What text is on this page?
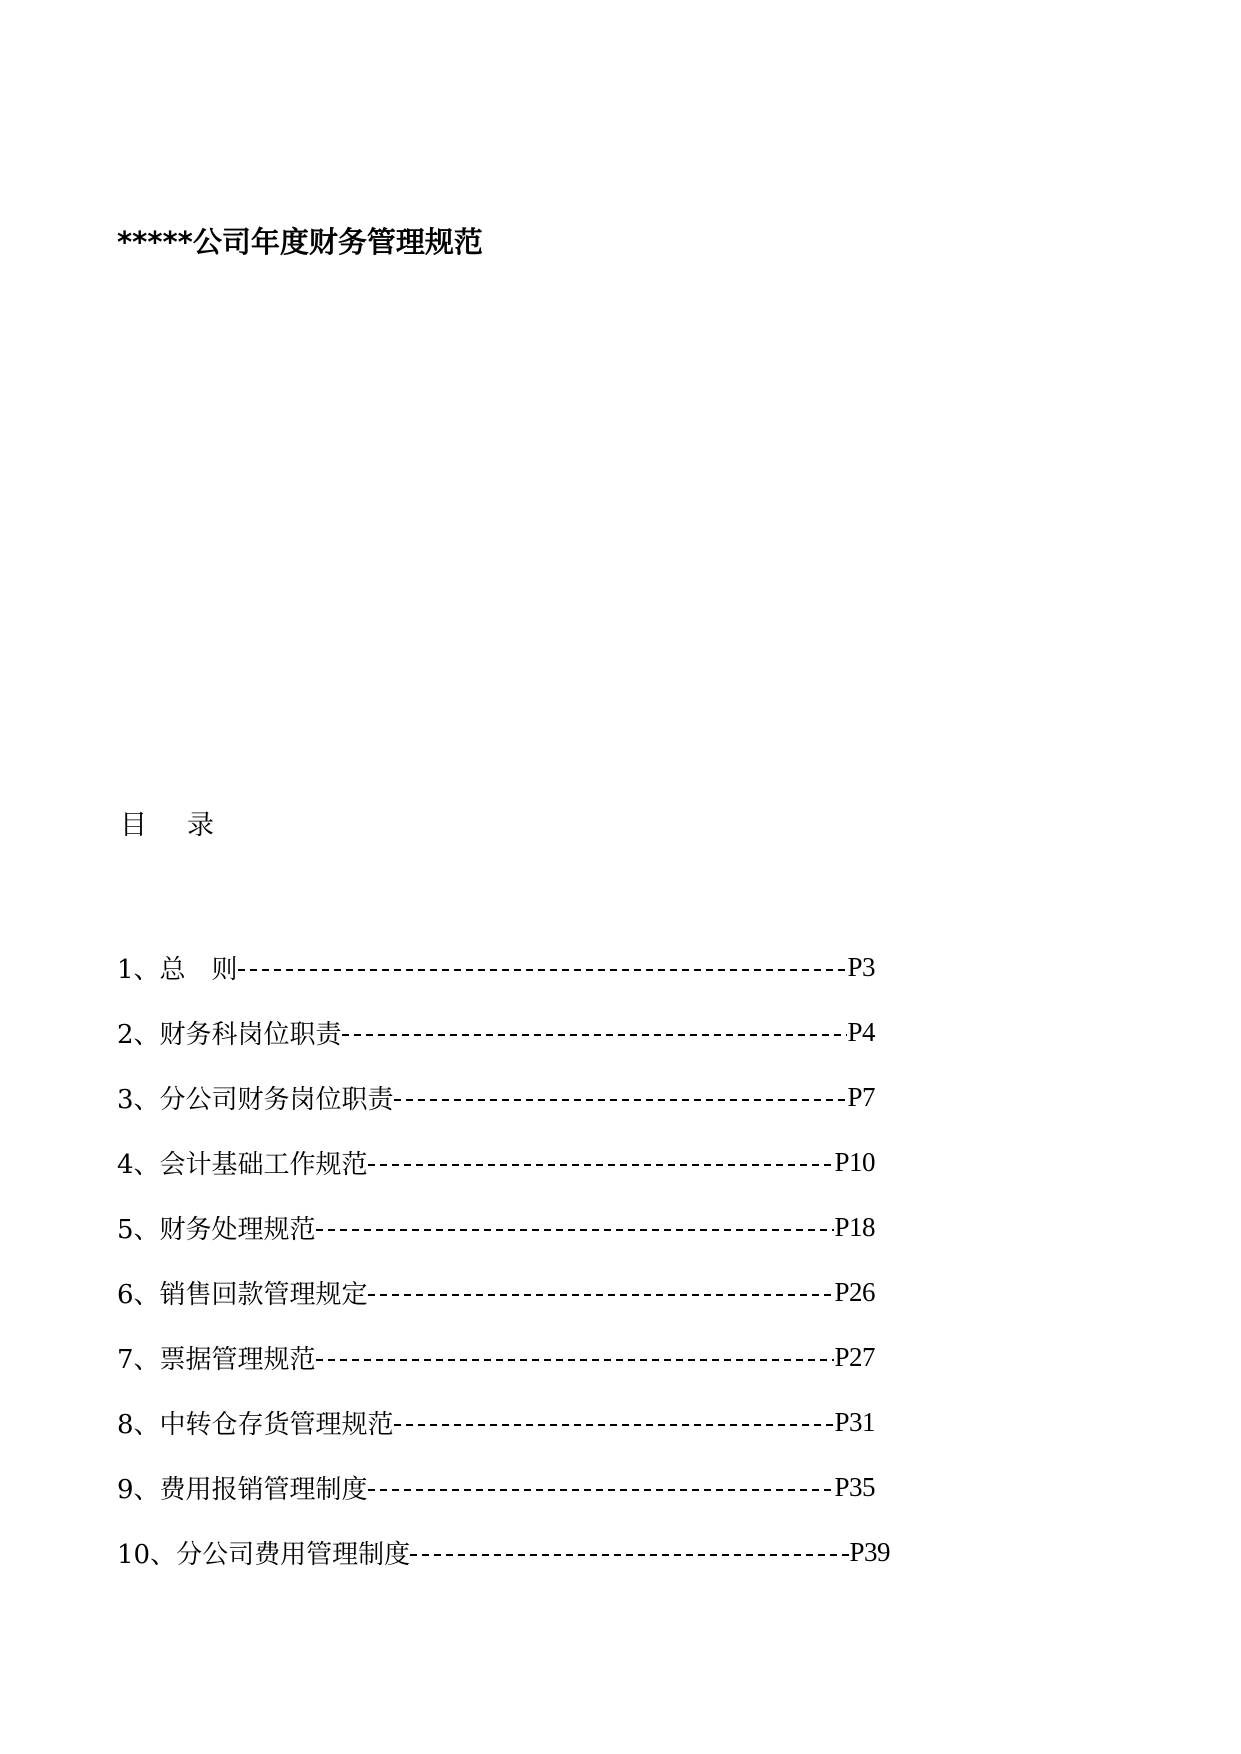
*****公司年度财务管理规范
目 录
1、 总　则	P3
2、 财务科岗位职责	P4
3、 分公司财务岗位职责	P7
4、 会计基础工作规范	P10
5、 财务处理规范	P18
6、 销售回款管理规定	P26
7、 票据管理规范	P27
8、 中转仓存货管理规范	P31
9、 费用报销管理制度	P35
10、 分公司费用管理制度	P39
